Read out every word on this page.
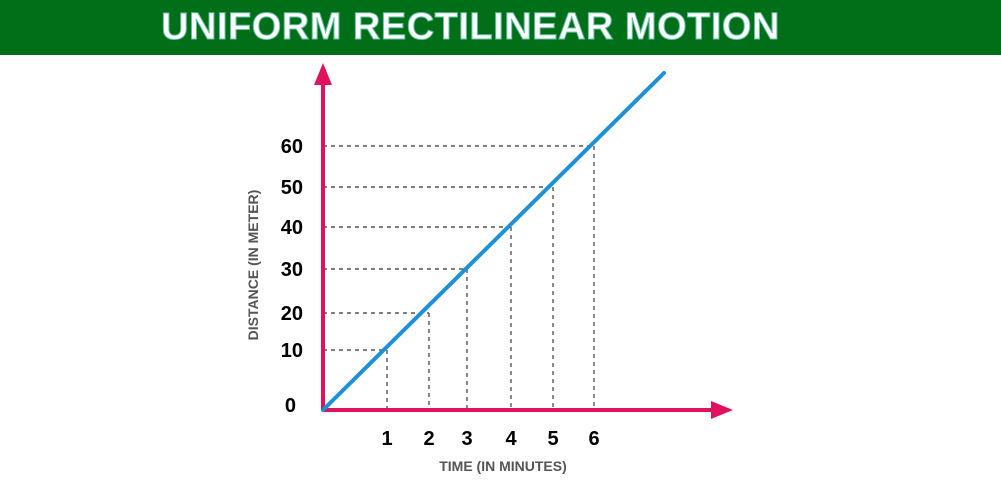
UNIFORM RECTILINEAR MOTION
1 2 3 4 5 6
0
10
20
30
40
50
60
TIME (IN MINUTES)
DISTANCE (IN METER)
